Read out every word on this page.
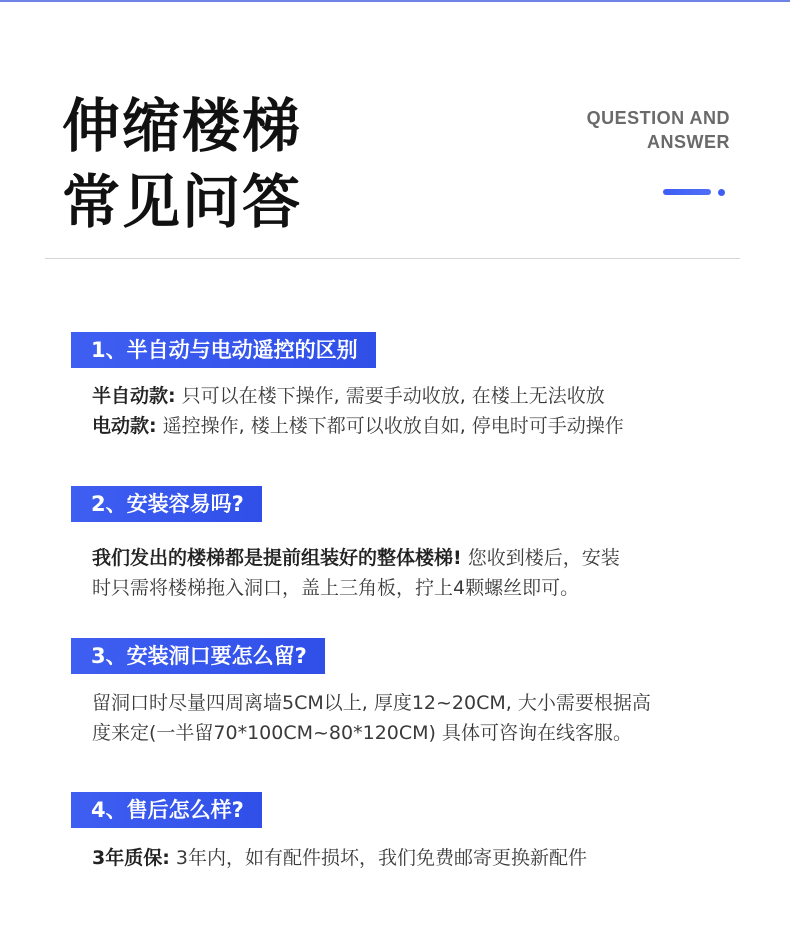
伸缩楼梯
常见问答
QUESTION AND
ANSWER
1、半自动与电动遥控的区别
半自动款: 只可以在楼下操作, 需要手动收放, 在楼上无法收放
电动款: 遥控操作, 楼上楼下都可以收放自如, 停电时可手动操作
2、安装容易吗?
我们发出的楼梯都是提前组装好的整体楼梯! 您收到楼后，安装
时只需将楼梯拖入洞口，盖上三角板，拧上4颗螺丝即可。
3、安装洞口要怎么留?
留洞口时尽量四周离墙5CM以上, 厚度12~20CM, 大小需要根据高
度来定(一半留70*100CM~80*120CM) 具体可咨询在线客服。
4、售后怎么样?
3年质保: 3年内，如有配件损坏，我们免费邮寄更换新配件
